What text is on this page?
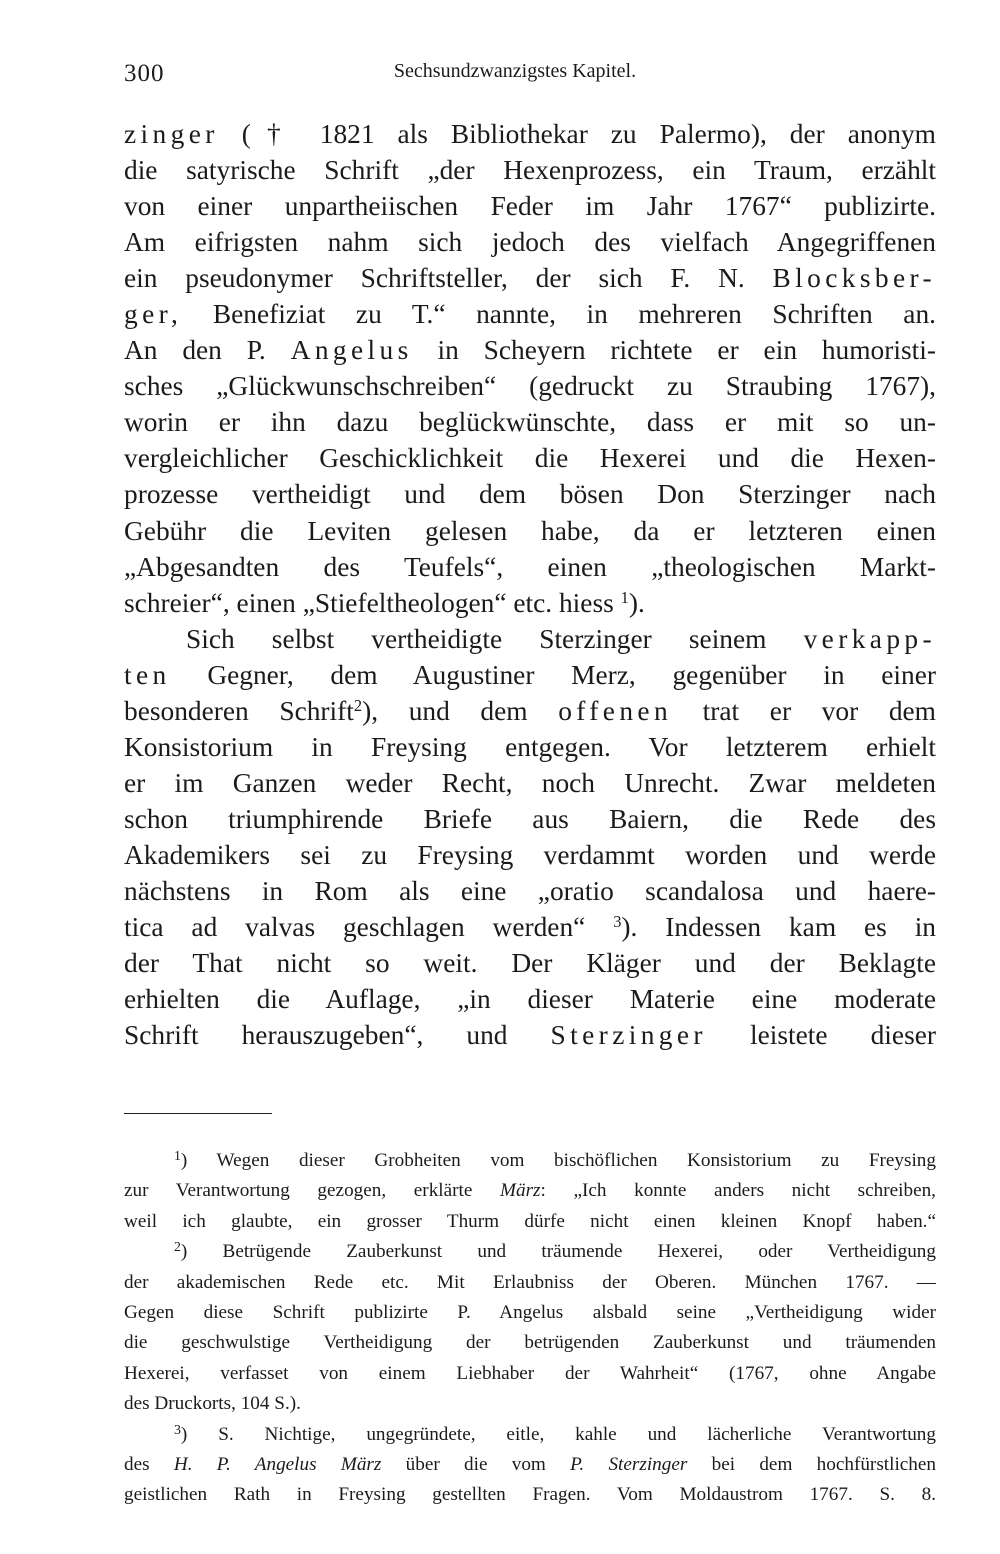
300	Sechsundzwanzigstes Kapitel.
zinger († 1821 als Bibliothekar zu Palermo), der anonym
die satyrische Schrift „der Hexenprozess, ein Traum, erzählt
von einer unpartheiischen Feder im Jahr 1767“ publizirte.
Am eifrigsten nahm sich jedoch des vielfach Angegriffenen
ein pseudonymer Schriftsteller, der sich F. N. Blocksber-
ger, Benefiziat zu T.“ nannte, in mehreren Schriften an.
An den P. Angelus in Scheyern richtete er ein humoristi-
sches „Glückwunschschreiben“ (gedruckt zu Straubing 1767),
worin er ihn dazu beglückwünschte, dass er mit so un-
vergleichlicher Geschicklichkeit die Hexerei und die Hexen-
prozesse vertheidigt und dem bösen Don Sterzinger nach
Gebühr die Leviten gelesen habe, da er letzteren einen
„Abgesandten des Teufels“, einen „theologischen Markt-
schreier“, einen „Stiefeltheologen“ etc. hiess $^1$).
Sich selbst vertheidigte Sterzinger seinem verkapp-
ten Gegner, dem Augustiner Merz, gegenüber in einer
besonderen Schrift$^2$), und dem offenen trat er vor dem
Konsistorium in Freysing entgegen. Vor letzterem erhielt
er im Ganzen weder Recht, noch Unrecht. Zwar meldeten
schon triumphirende Briefe aus Baiern, die Rede des
Akademikers sei zu Freysing verdammt worden und werde
nächstens in Rom als eine „oratio scandalosa und haere-
tica ad valvas geschlagen werden“ $^3$). Indessen kam es in
der That nicht so weit. Der Kläger und der Beklagte
erhielten die Auflage, „in dieser Materie eine moderate
Schrift herauszugeben“, und Sterzinger leistete dieser
$^1$) Wegen dieser Grobheiten vom bischöflichen Konsistorium zu Freysing
zur Verantwortung gezogen, erklärte März: „Ich konnte anders nicht schreiben,
weil ich glaubte, ein grosser Thurm dürfe nicht einen kleinen Knopf haben.“
$^2$) Betrügende Zauberkunst und träumende Hexerei, oder Vertheidigung
der akademischen Rede etc. Mit Erlaubniss der Oberen. München 1767. —
Gegen diese Schrift publizirte P. Angelus alsbald seine „Vertheidigung wider
die geschwulstige Vertheidigung der betrügenden Zauberkunst und träumenden
Hexerei, verfasset von einem Liebhaber der Wahrheit“ (1767, ohne Angabe
des Druckorts, 104 S.).
$^3$) S. Nichtige, ungegründete, eitle, kahle und lächerliche Verantwortung
des H. P. Angelus März über die vom P. Sterzinger bei dem hochfürstlichen
geistlichen Rath in Freysing gestellten Fragen. Vom Moldaustrom 1767. S. 8.
